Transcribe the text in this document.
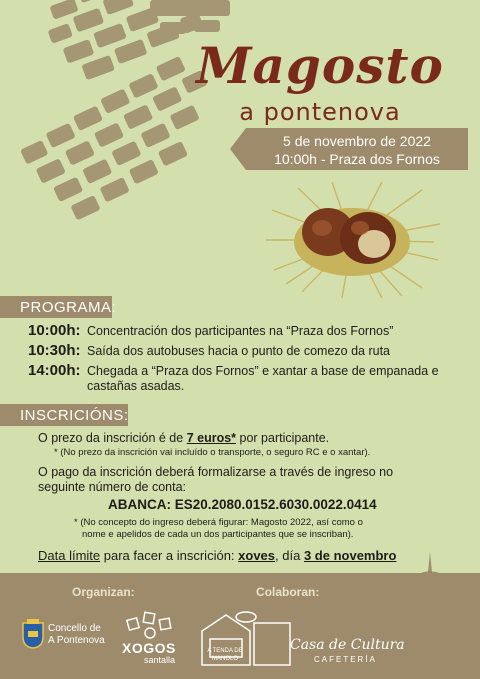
Magosto
a pontenova
5 de novembro de 2022
10:00h - Praza dos Fornos
PROGRAMA:
10:00h: Concentración dos participantes na “Praza dos Fornos”
10:30h: Saída dos autobuses hacia o punto de comezo da ruta
14:00h: Chegada a “Praza dos Fornos” e xantar a base de empanada e castañas asadas.
INSCRICIÓNS:
O prezo da inscrición é de 7 euros* por participante.
* (No prezo da inscrición vai incluído o transporte, o seguro RC e o xantar).
O pago da inscrición deberá formalizarse a través de ingreso no
seguinte número de conta:
ABANCA: ES20.2080.0152.6030.0022.0414
* (No concepto do ingreso deberá figurar: Magosto 2022, así como o
nome e apelidos de cada un dos participantes que se inscriban).
Data límite para facer a inscrición: xoves, día 3 de novembro
Organizan:	Colaboran:
Concello de
A Pontenova XOGOS
santalla
A TENDA DE MANOLO
Casa de Cultura
CAFETERÍA
